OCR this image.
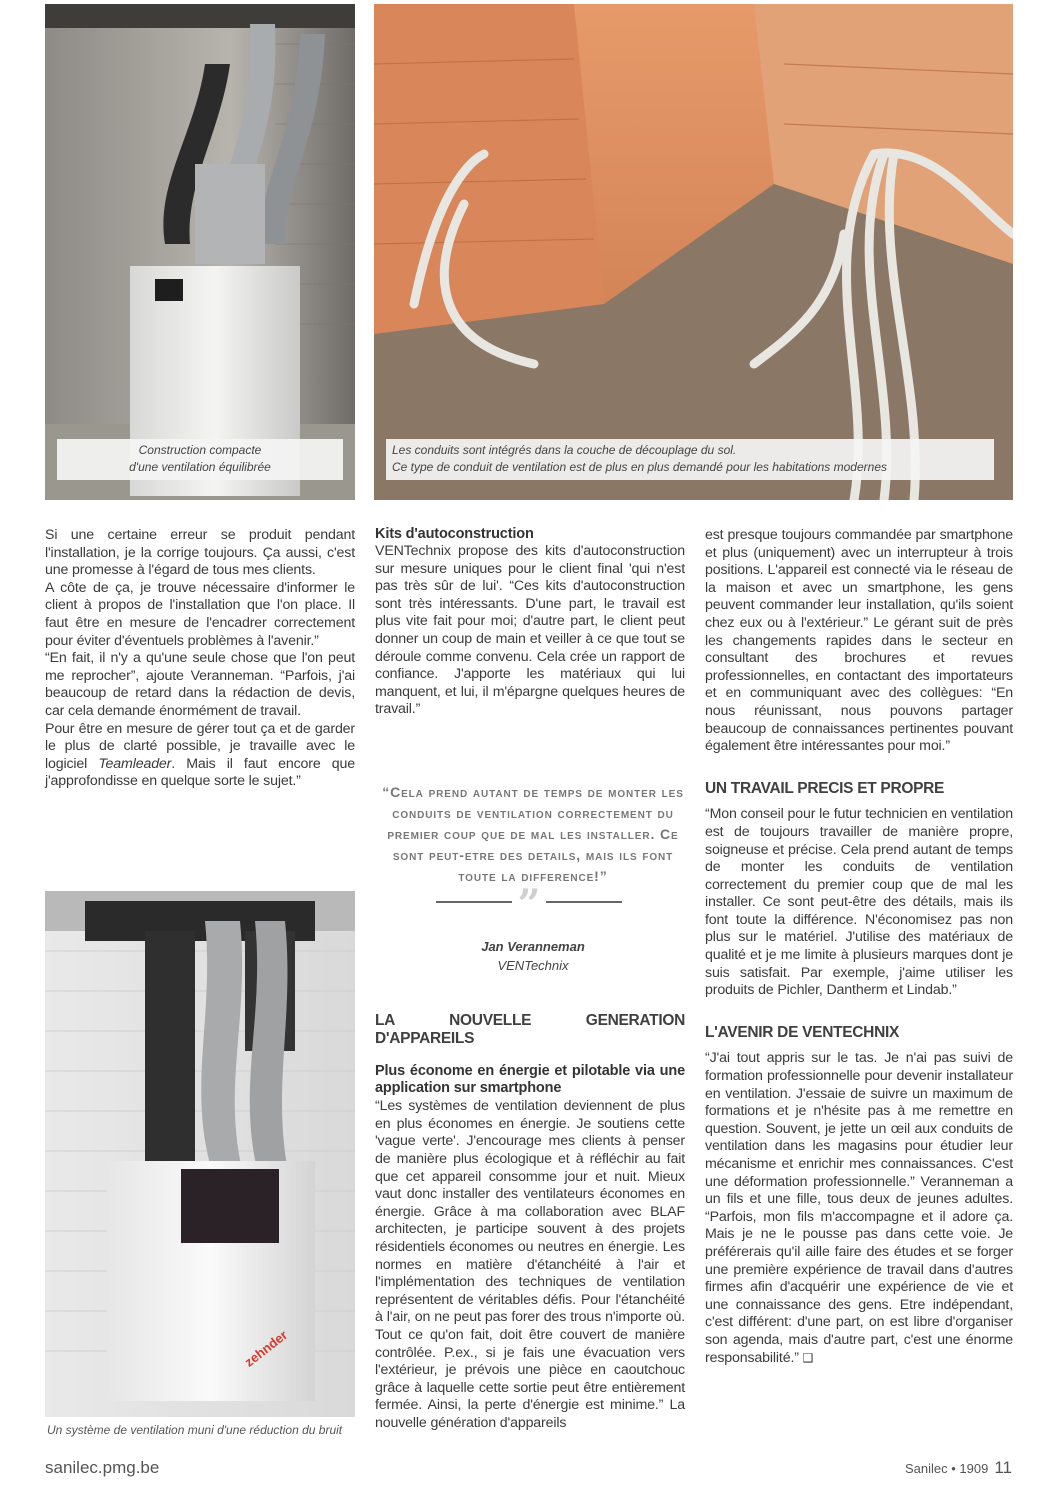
Construction compacte
d'une ventilation équilibrée
Les conduits sont intégrés dans la couche de découplage du sol.
Ce type de conduit de ventilation est de plus en plus demandé pour les habitations modernes
zehnder
Un système de ventilation muni d'une réduction du bruit

Si une certaine erreur se produit pendant l'installation, je la corrige toujours. Ça aussi, c'est une promesse à l'égard de tous mes clients.

A côte de ça, je trouve nécessaire d'informer le client à propos de l'installation que l'on place. Il faut être en mesure de l'encadrer correctement pour éviter d'éventuels problèmes à l'avenir.”

“En fait, il n'y a qu'une seule chose que l'on peut me reprocher”, ajoute Veranneman. “Parfois, j'ai beaucoup de retard dans la rédaction de devis, car cela demande énormément de travail.

Pour être en mesure de gérer tout ça et de garder le plus de clarté possible, je travaille avec le logiciel Teamleader. Mais il faut encore que j'approfondisse en quelque sorte le sujet.”

Kits d'autoconstruction

VENTechnix propose des kits d'autoconstruction sur mesure uniques pour le client final 'qui n'est pas très sûr de lui'. “Ces kits d'autoconstruction sont très intéressants. D'une part, le travail est plus vite fait pour moi; d'autre part, le client peut donner un coup de main et veiller à ce que tout se déroule comme convenu. Cela crée un rapport de confiance. J'apporte les matériaux qui lui manquent, et lui, il m'épargne quelques heures de travail.”

“Cela prend autant de temps de monter les conduits de ventilation correctement du premier coup que de mal les installer. Ce sont peut-etre des details, mais ils font toute la difference!”
”
Jan Veranneman
VENTechnix
LA NOUVELLE GENERATION D'APPAREILS
Plus économe en énergie et pilotable via une application sur smartphone

“Les systèmes de ventilation deviennent de plus en plus économes en énergie. Je soutiens cette 'vague verte'. J'encourage mes clients à penser de manière plus écologique et à réfléchir au fait que cet appareil consomme jour et nuit. Mieux vaut donc installer des ventilateurs économes en énergie. Grâce à ma collaboration avec BLAF architecten, je participe souvent à des projets résidentiels économes ou neutres en énergie. Les normes en matière d'étanchéité à l'air et l'implémentation des techniques de ventilation représentent de véritables défis. Pour l'étanchéité à l'air, on ne peut pas forer des trous n'importe où. Tout ce qu'on fait, doit être couvert de manière contrôlée. P.ex., si je fais une évacuation vers l'extérieur, je prévois une pièce en caoutchouc grâce à laquelle cette sortie peut être entièrement fermée. Ainsi, la perte d'énergie est minime.” La nouvelle génération d'appareils

est presque toujours commandée par smartphone et plus (uniquement) avec un interrupteur à trois positions. L'appareil est connecté via le réseau de la maison et avec un smartphone, les gens peuvent commander leur installation, qu'ils soient chez eux ou à l'extérieur.” Le gérant suit de près les changements rapides dans le secteur en consultant des brochures et revues professionnelles, en contactant des importateurs et en communiquant avec des collègues: “En nous réunissant, nous pouvons partager beaucoup de connaissances pertinentes pouvant également être intéressantes pour moi.”

UN TRAVAIL PRECIS ET PROPRE

“Mon conseil pour le futur technicien en ventilation est de toujours travailler de manière propre, soigneuse et précise. Cela prend autant de temps de monter les conduits de ventilation correctement du premier coup que de mal les installer. Ce sont peut-être des détails, mais ils font toute la différence. N'économisez pas non plus sur le matériel. J'utilise des matériaux de qualité et je me limite à plusieurs marques dont je suis satisfait. Par exemple, j'aime utiliser les produits de Pichler, Dantherm et Lindab.”

L'AVENIR DE VENTECHNIX

“J'ai tout appris sur le tas. Je n'ai pas suivi de formation professionnelle pour devenir installateur en ventilation. J'essaie de suivre un maximum de formations et je n'hésite pas à me remettre en question. Souvent, je jette un œil aux conduits de ventilation dans les magasins pour étudier leur mécanisme et enrichir mes connaissances. C'est une déformation professionnelle.” Veranneman a un fils et une fille, tous deux de jeunes adultes. “Parfois, mon fils m'accompagne et il adore ça. Mais je ne le pousse pas dans cette voie. Je préférerais qu'il aille faire des études et se forger une première expérience de travail dans d'autres firmes afin d'acquérir une expérience de vie et une connaissance des gens. Etre indépendant, c'est différent: d'une part, on est libre d'organiser son agenda, mais d'autre part, c'est une énorme responsabilité.” ❑

sanilec.pmg.be	Sanilec • 1909 11
